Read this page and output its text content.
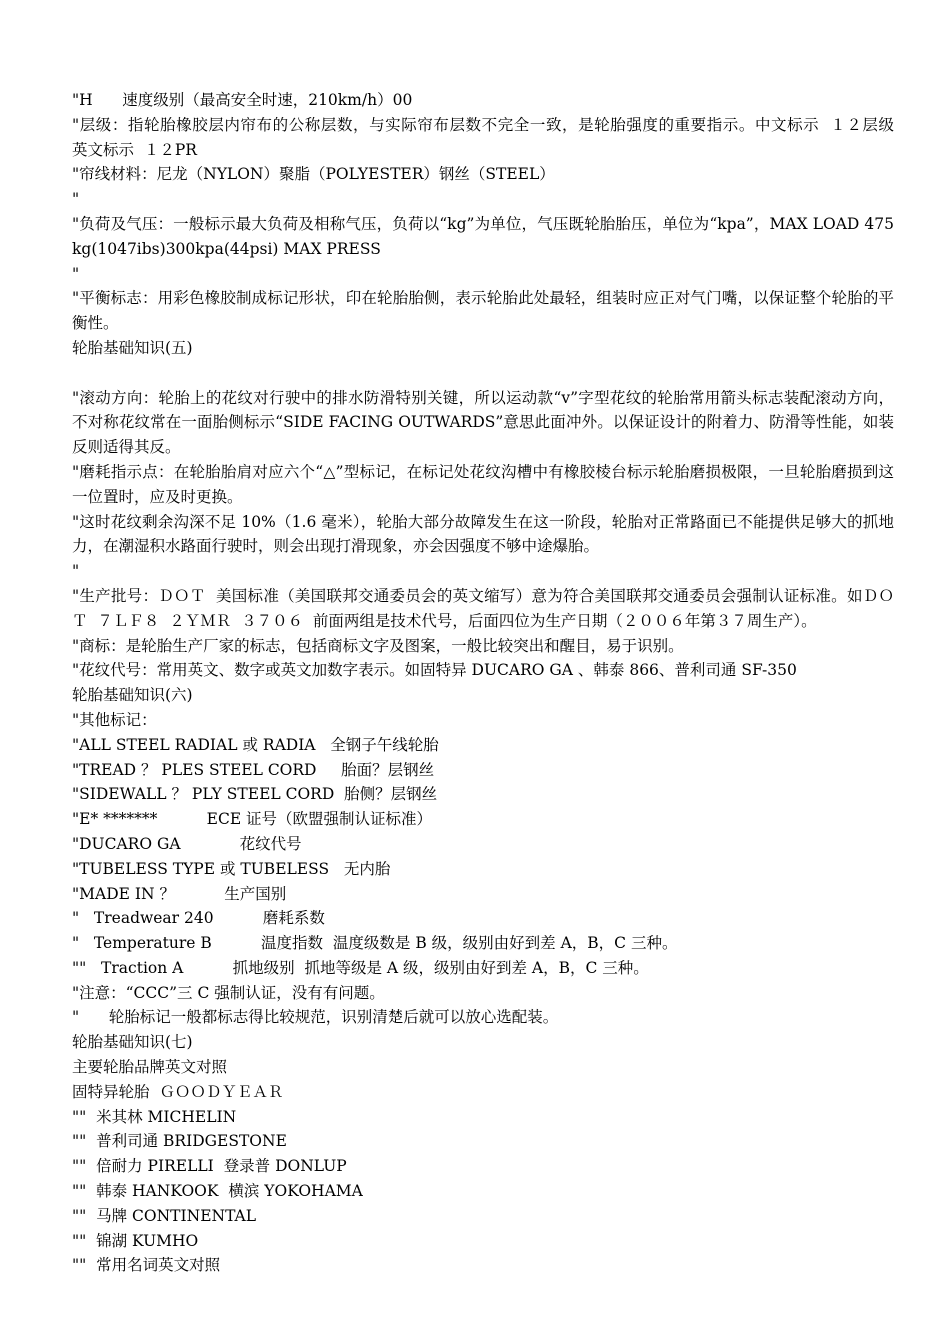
"H      速度级别（最高安全时速，210km/h）00

"层级：指轮胎橡胶层内帘布的公称层数，与实际帘布层数不完全一致，是轮胎强度的重要指示。中文标示  １２层级   英文标示  １２PR

"帘线材料：尼龙（NYLON）聚脂（POLYESTER）钢丝（STEEL）

"

"负荷及气压：一般标示最大负荷及相称气压，负荷以“kg”为单位，气压既轮胎胎压，单位为“kpa”，MAX LOAD 475kg(1047ibs)300kpa(44psi) MAX PRESS

"

"平衡标志：用彩色橡胶制成标记形状，印在轮胎胎侧，表示轮胎此处最轻，组装时应正对气门嘴，以保证整个轮胎的平衡性。

轮胎基础知识(五)

"滚动方向：轮胎上的花纹对行驶中的排水防滑特别关键，所以运动款“v”字型花纹的轮胎常用箭头标志装配滚动方向，不对称花纹常在一面胎侧标示“SIDE FACING OUTWARDS”意思此面冲外。以保证设计的附着力、防滑等性能，如装反则适得其反。

"磨耗指示点：在轮胎胎肩对应六个“△”型标记，在标记处花纹沟槽中有橡胶棱台标示轮胎磨损极限，一旦轮胎磨损到这一位置时，应及时更换。

"这时花纹剩余沟深不足 10%（1.6 毫米），轮胎大部分故障发生在这一阶段，轮胎对正常路面已不能提供足够大的抓地力，在潮湿积水路面行驶时，则会出现打滑现象，亦会因强度不够中途爆胎。

"

"生产批号：ＤＯＴ  美国标准（美国联邦交通委员会的英文缩写）意为符合美国联邦交通委员会强制认证标准。如ＤＯＴ  ７ＬＦ８  ２ＹＭＲ  ３７０６  前面两组是技术代号，后面四位为生产日期（２００６年第３７周生产）。

"商标：是轮胎生产厂家的标志，包括商标文字及图案，一般比较突出和醒目，易于识别。

"花纹代号：常用英文、数字或英文加数字表示。如固特异 DUCARO GA 、韩泰 866、普利司通 SF-350

轮胎基础知识(六)

"其他标记：

"ALL STEEL RADIAL 或 RADIA   全钢子午线轮胎

"TREAD ？ PLES STEEL CORD     胎面？层钢丝

"SIDEWALL ？ PLY STEEL CORD  胎侧？层钢丝

"E* *******          ECE 证号（欧盟强制认证标准）

"DUCARO GA            花纹代号

"TUBELESS TYPE 或 TUBELESS   无内胎

"MADE IN ？          生产国别

"   Treadwear 240          磨耗系数

"   Temperature B          温度指数  温度级数是 B 级，级别由好到差 A，B，C 三种。

""   Traction A          抓地级别  抓地等级是 A 级，级别由好到差 A，B，C 三种。

"注意：“CCC”三 C 强制认证，没有有问题。

"      轮胎标记一般都标志得比较规范，识别清楚后就可以放心选配装。

轮胎基础知识(七)

主要轮胎品牌英文对照

固特异轮胎  ＧＯＯＤＹＥＡＲ

""  米其林 MICHELIN

""  普利司通 BRIDGESTONE

""  倍耐力 PIRELLI  登录普 DONLUP

""  韩泰 HANKOOK  横滨 YOKOHAMA

""  马牌 CONTINENTAL

""  锦湖 KUMHO

""  常用名词英文对照
